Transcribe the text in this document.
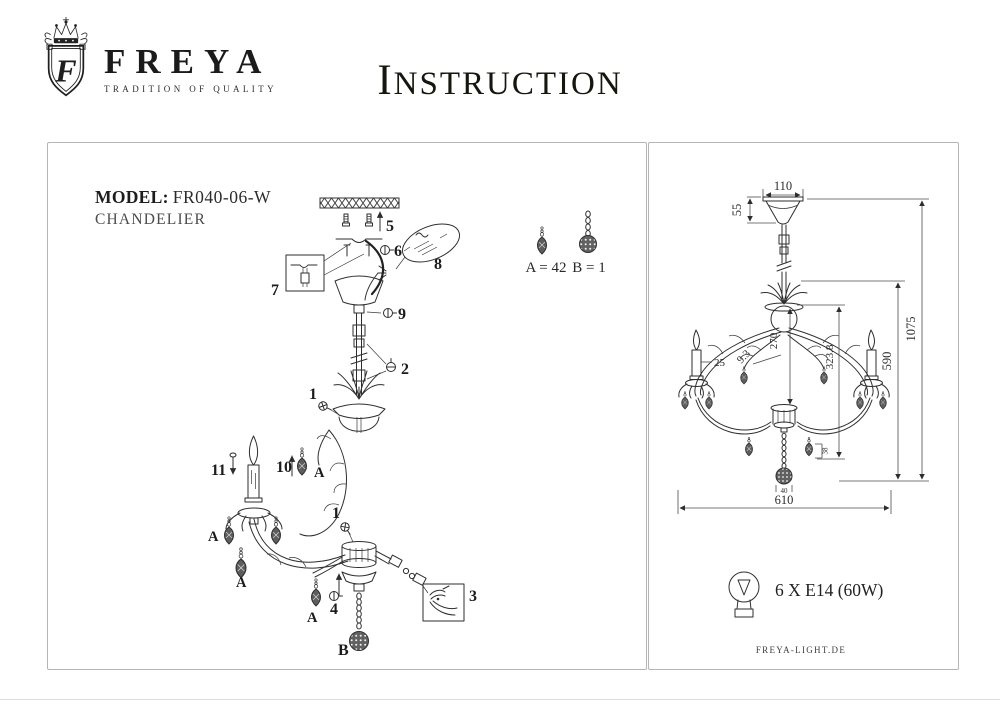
F FREYA
TRADITION OF QUALITY	INSTRUCTION
MODEL: FR040-06-W
CHANDELIER	5
6
8
7
9
2
1
11	10 A
A
A
1
3
A 4
B
A = 42 B = 1
110
55
270
25 9.3
38
40
323.8	590
1075
610
6 X E14 (60W)
FREYA-LIGHT.DE
